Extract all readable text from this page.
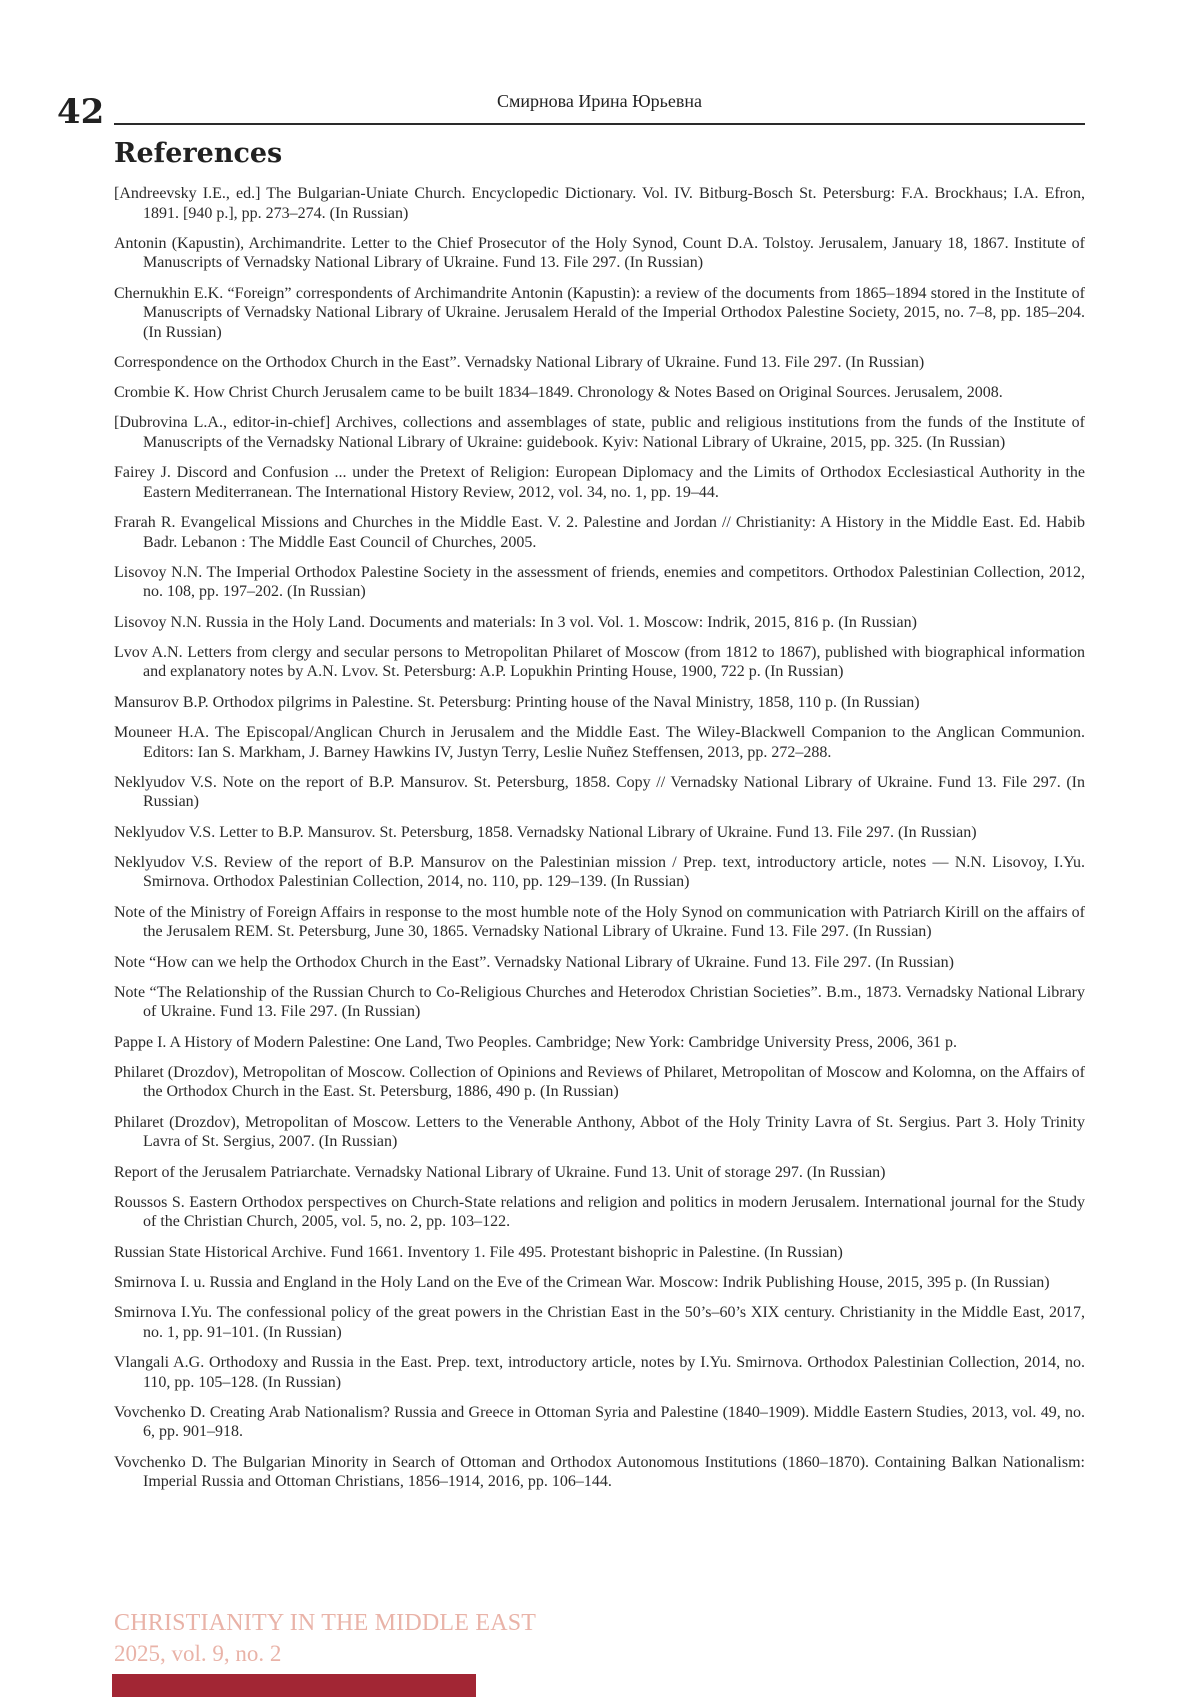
42	Смирнова Ирина Юрьевна
References
[Andreevsky I.E., ed.] The Bulgarian-Uniate Church. Encyclopedic Dictionary. Vol. IV. Bitburg-Bosch St. Petersburg: F.A. Brockhaus; I.A. Efron, 1891. [940 p.], pp. 273–274. (In Russian)
Antonin (Kapustin), Archimandrite. Letter to the Chief Prosecutor of the Holy Synod, Count D.A. Tolstoy. Jerusalem, January 18, 1867. Institute of Manuscripts of Vernadsky National Library of Ukraine. Fund 13. File 297. (In Russian)
Chernukhin E.K. “Foreign” correspondents of Archimandrite Antonin (Kapustin): a review of the documents from 1865–1894 stored in the Institute of Manuscripts of Vernadsky National Library of Ukraine. Jerusalem Herald of the Imperial Orthodox Palestine Society, 2015, no. 7–8, pp. 185–204. (In Russian)
Correspondence on the Orthodox Church in the East”. Vernadsky National Library of Ukraine. Fund 13. File 297. (In Russian)
Crombie K. How Christ Church Jerusalem came to be built 1834–1849. Chronology & Notes Based on Original Sources. Jerusalem, 2008.
[Dubrovina L.A., editor-in-chief] Archives, collections and assemblages of state, public and religious institutions from the funds of the Institute of Manuscripts of the Vernadsky National Library of Ukraine: guidebook. Kyiv: National Library of Ukraine, 2015, pp. 325. (In Russian)
Fairey J. Discord and Confusion ... under the Pretext of Religion: European Diplomacy and the Limits of Orthodox Ecclesiastical Authority in the Eastern Mediterranean. The International History Review, 2012, vol. 34, no. 1, pp. 19–44.
Frarah R. Evangelical Missions and Churches in the Middle East. V. 2. Palestine and Jordan // Christianity: A History in the Middle East. Ed. Habib Badr. Lebanon : The Middle East Council of Churches, 2005.
Lisovoy N.N. The Imperial Orthodox Palestine Society in the assessment of friends, enemies and competitors. Orthodox Palestinian Collection, 2012, no. 108, pp. 197–202. (In Russian)
Lisovoy N.N. Russia in the Holy Land. Documents and materials: In 3 vol. Vol. 1. Moscow: Indrik, 2015, 816 p. (In Russian)
Lvov A.N. Letters from clergy and secular persons to Metropolitan Philaret of Moscow (from 1812 to 1867), published with biographical information and explanatory notes by A.N. Lvov. St. Petersburg: A.P. Lopukhin Printing House, 1900, 722 p. (In Russian)
Mansurov B.P. Orthodox pilgrims in Palestine. St. Petersburg: Printing house of the Naval Ministry, 1858, 110 p. (In Russian)
Mouneer H.A. The Episcopal/Anglican Church in Jerusalem and the Middle East. The Wiley-Blackwell Companion to the Anglican Communion. Editors: Ian S. Markham, J. Barney Hawkins IV, Justyn Terry, Leslie Nuñez Steffensen, 2013, pp. 272–288.
Neklyudov V.S. Note on the report of B.P. Mansurov. St. Petersburg, 1858. Copy // Vernadsky National Library of Ukraine. Fund 13. File 297. (In Russian)
Neklyudov V.S. Letter to B.P. Mansurov. St. Petersburg, 1858. Vernadsky National Library of Ukraine. Fund 13. File 297. (In Russian)
Neklyudov V.S. Review of the report of B.P. Mansurov on the Palestinian mission / Prep. text, introductory article, notes — N.N. Lisovoy, I.Yu. Smirnova. Orthodox Palestinian Collection, 2014, no. 110, pp. 129–139. (In Russian)
Note of the Ministry of Foreign Affairs in response to the most humble note of the Holy Synod on communication with Patriarch Kirill on the affairs of the Jerusalem REM. St. Petersburg, June 30, 1865. Vernadsky National Library of Ukraine. Fund 13. File 297. (In Russian)
Note “How can we help the Orthodox Church in the East”. Vernadsky National Library of Ukraine. Fund 13. File 297. (In Russian)
Note “The Relationship of the Russian Church to Co-Religious Churches and Heterodox Christian Societies”. B.m., 1873. Vernadsky National Library of Ukraine. Fund 13. File 297. (In Russian)
Pappe I. A History of Modern Palestine: One Land, Two Peoples. Cambridge; New York: Cambridge University Press, 2006, 361 p.
Philaret (Drozdov), Metropolitan of Moscow. Collection of Opinions and Reviews of Philaret, Metropolitan of Moscow and Kolomna, on the Affairs of the Orthodox Church in the East. St. Petersburg, 1886, 490 p. (In Russian)
Philaret (Drozdov), Metropolitan of Moscow. Letters to the Venerable Anthony, Abbot of the Holy Trinity Lavra of St. Sergius. Part 3. Holy Trinity Lavra of St. Sergius, 2007. (In Russian)
Report of the Jerusalem Patriarchate. Vernadsky National Library of Ukraine. Fund 13. Unit of storage 297. (In Russian)
Roussos S. Eastern Orthodox perspectives on Church-State relations and religion and politics in modern Jerusalem. International journal for the Study of the Christian Church, 2005, vol. 5, no. 2, pp. 103–122.
Russian State Historical Archive. Fund 1661. Inventory 1. File 495. Protestant bishopric in Palestine. (In Russian)
Smirnova I. u. Russia and England in the Holy Land on the Eve of the Crimean War. Moscow: Indrik Publishing House, 2015, 395 p. (In Russian)
Smirnova I.Yu. The confessional policy of the great powers in the Christian East in the 50’s–60’s XIX century. Christianity in the Middle East, 2017, no. 1, pp. 91–101. (In Russian)
Vlangali A.G. Orthodoxy and Russia in the East. Prep. text, introductory article, notes by I.Yu. Smirnova. Orthodox Palestinian Collection, 2014, no. 110, pp. 105–128. (In Russian)
Vovchenko D. Creating Arab Nationalism? Russia and Greece in Ottoman Syria and Palestine (1840–1909). Middle Eastern Studies, 2013, vol. 49, no. 6, pp. 901–918.
Vovchenko D. The Bulgarian Minority in Search of Ottoman and Orthodox Autonomous Institutions (1860–1870). Containing Balkan Nationalism: Imperial Russia and Ottoman Christians, 1856–1914, 2016, pp. 106–144.
CHRISTIANITY IN THE MIDDLE EAST
2025, vol. 9, no. 2
